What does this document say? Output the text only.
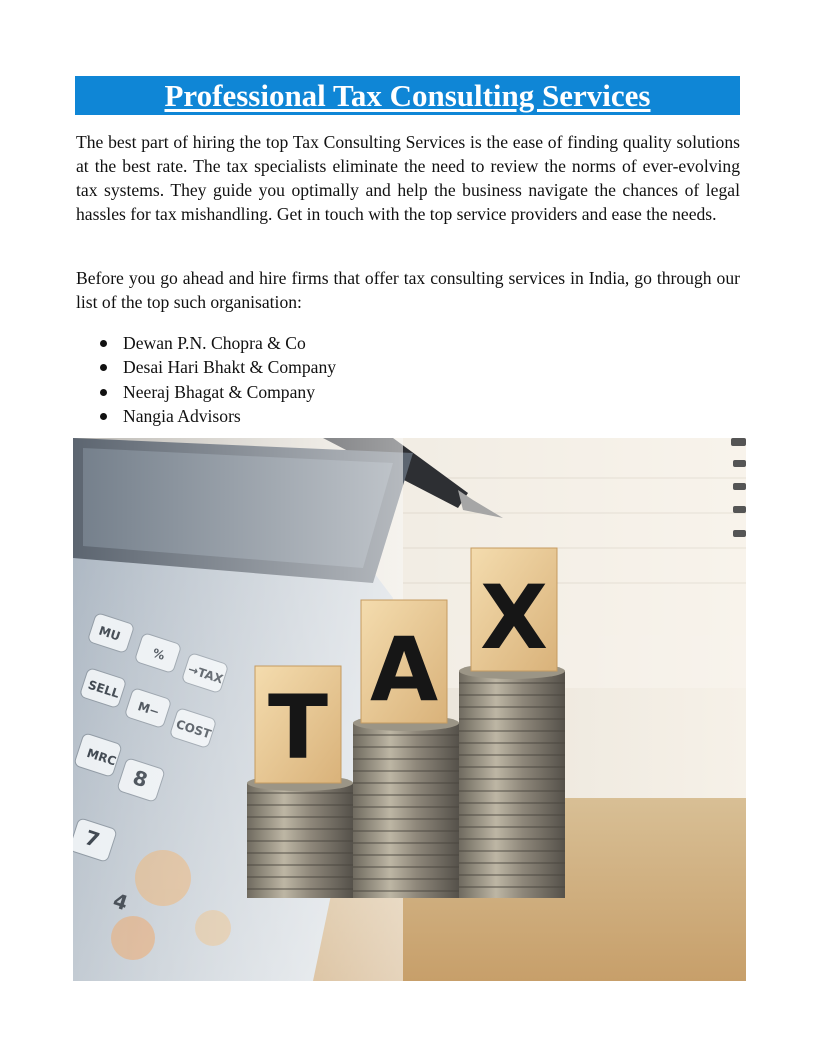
Professional Tax Consulting Services

The best part of hiring the top Tax Consulting Services is the ease of finding quality solutions at the best rate. The tax specialists eliminate the need to review the norms of ever-evolving tax systems. They guide you optimally and help the business navigate the chances of legal hassles for tax mishandling. Get in touch with the top service providers and ease the needs.

Before you go ahead and hire firms that offer tax consulting services in India, go through our list of the top such organisation:

Dewan P.N. Chopra & Co
Desai Hari Bhakt & Company
Neeraj Bhagat & Company
Nangia Advisors
T
A
X
